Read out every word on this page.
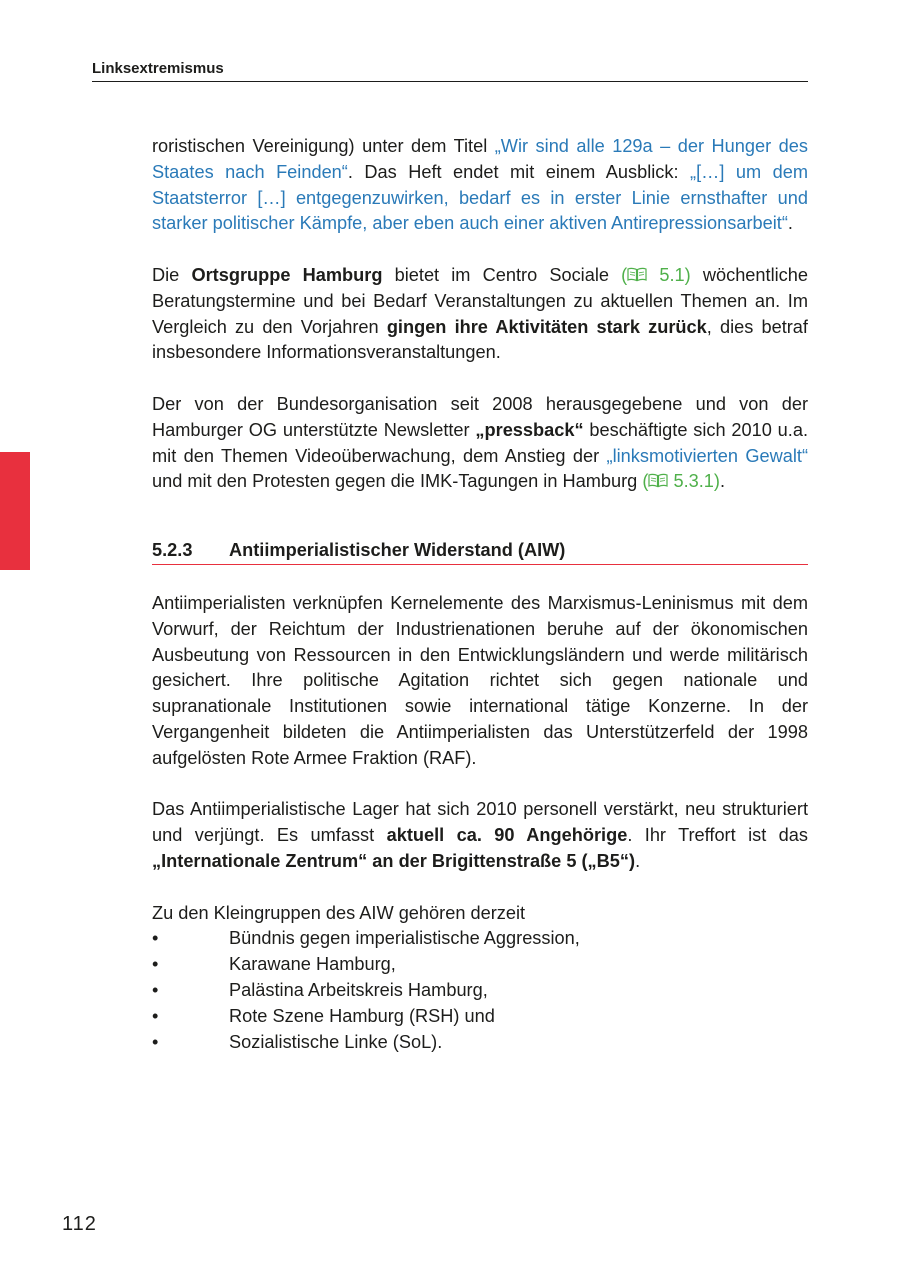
Linksextremismus

roristischen Vereinigung) unter dem Titel „Wir sind alle 129a – der Hunger des Staates nach Feinden“. Das Heft endet mit einem Ausblick: „[…] um dem Staatsterror […] entgegenzuwirken, bedarf es in erster Linie ernsthafter und starker politischer Kämpfe, aber eben auch einer aktiven Antirepressionsarbeit“.

Die Ortsgruppe Hamburg bietet im Centro Sociale ( 5.1) wöchentliche Beratungstermine und bei Bedarf Veranstaltungen zu aktuellen Themen an. Im Vergleich zu den Vorjahren gingen ihre Aktivitäten stark zurück, dies betraf insbesondere Informationsveranstaltungen.

Der von der Bundesorganisation seit 2008 herausgegebene und von der Hamburger OG unterstützte Newsletter „pressback“ beschäftigte sich 2010 u.a. mit den Themen Videoüberwachung, dem Anstieg der „linksmotivierten Gewalt“ und mit den Protesten gegen die IMK-Tagungen in Hamburg ( 5.3.1).

5.2.3 Antiimperialistischer Widerstand (AIW)

Antiimperialisten verknüpfen Kernelemente des Marxismus-Leninismus mit dem Vorwurf, der Reichtum der Industrienationen beruhe auf der ökonomischen Ausbeutung von Ressourcen in den Entwicklungsländern und werde militärisch gesichert. Ihre politische Agitation richtet sich gegen nationale und supranationale Institutionen sowie international tätige Konzerne. In der Vergangenheit bildeten die Antiimperialisten das Unterstützerfeld der 1998 aufgelösten Rote Armee Fraktion (RAF).

Das Antiimperialistische Lager hat sich 2010 personell verstärkt, neu strukturiert und verjüngt. Es umfasst aktuell ca. 90 Angehörige. Ihr Treffort ist das „Internationale Zentrum“ an der Brigittenstraße 5 („B5“).

Zu den Kleingruppen des AIW gehören derzeit

•	Bündnis gegen imperialistische Aggression,
•	Karawane Hamburg,
•	Palästina Arbeitskreis Hamburg,
•	Rote Szene Hamburg (RSH) und
•	Sozialistische Linke (SoL).
112
